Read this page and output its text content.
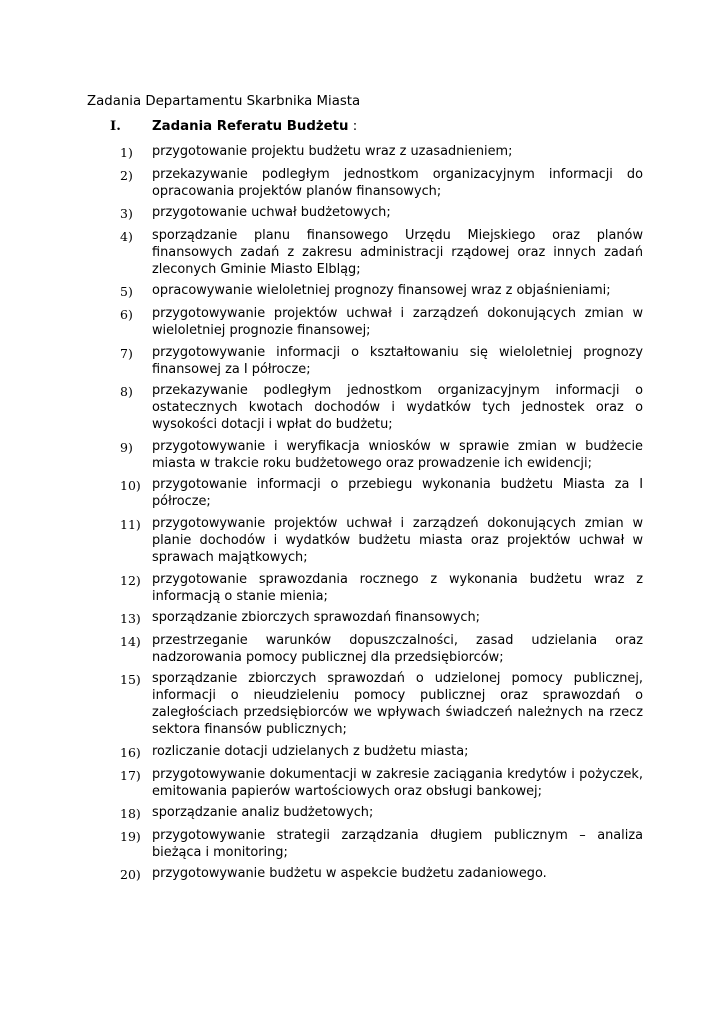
Zadania Departamentu Skarbnika Miasta
I. Zadania Referatu Budżetu :
1)	przygotowanie projektu budżetu wraz z uzasadnieniem;
2)	przekazywanie podległym jednostkom organizacyjnym informacji do opracowania projektów planów finansowych;
3)	przygotowanie uchwał budżetowych;
4)	sporządzanie planu finansowego Urzędu Miejskiego oraz planów finansowych zadań z zakresu administracji rządowej oraz innych zadań zleconych Gminie Miasto Elbląg;
5)	opracowywanie wieloletniej prognozy finansowej wraz z objaśnieniami;
6)	przygotowywanie projektów uchwał i zarządzeń dokonujących zmian w wieloletniej prognozie finansowej;
7)	przygotowywanie informacji o kształtowaniu się wieloletniej prognozy finansowej za I półrocze;
8)	przekazywanie podległym jednostkom organizacyjnym informacji o ostatecznych kwotach dochodów i wydatków tych jednostek oraz o wysokości dotacji i wpłat do budżetu;
9)	przygotowywanie i weryfikacja wniosków w sprawie zmian w budżecie miasta w trakcie roku budżetowego oraz prowadzenie ich ewidencji;
10) przygotowanie informacji o przebiegu wykonania budżetu Miasta za I półrocze;
11) przygotowywanie projektów uchwał i zarządzeń dokonujących zmian w planie dochodów i wydatków budżetu miasta oraz projektów uchwał w sprawach majątkowych;
12) przygotowanie sprawozdania rocznego z wykonania budżetu wraz z informacją o stanie mienia;
13) sporządzanie zbiorczych sprawozdań finansowych;
14) przestrzeganie warunków dopuszczalności, zasad udzielania oraz nadzorowania pomocy publicznej dla przedsiębiorców;
15) sporządzanie zbiorczych sprawozdań o udzielonej pomocy publicznej, informacji o nieudzieleniu pomocy publicznej oraz sprawozdań o zaległościach przedsiębiorców we wpływach świadczeń należnych na rzecz sektora finansów publicznych;
16) rozliczanie dotacji udzielanych z budżetu miasta;
17) przygotowywanie dokumentacji w zakresie zaciągania kredytów i pożyczek, emitowania papierów wartościowych oraz obsługi bankowej;
18) sporządzanie analiz budżetowych;
19) przygotowywanie strategii zarządzania długiem publicznym – analiza bieżąca i monitoring;
20) przygotowywanie budżetu w aspekcie budżetu zadaniowego.
